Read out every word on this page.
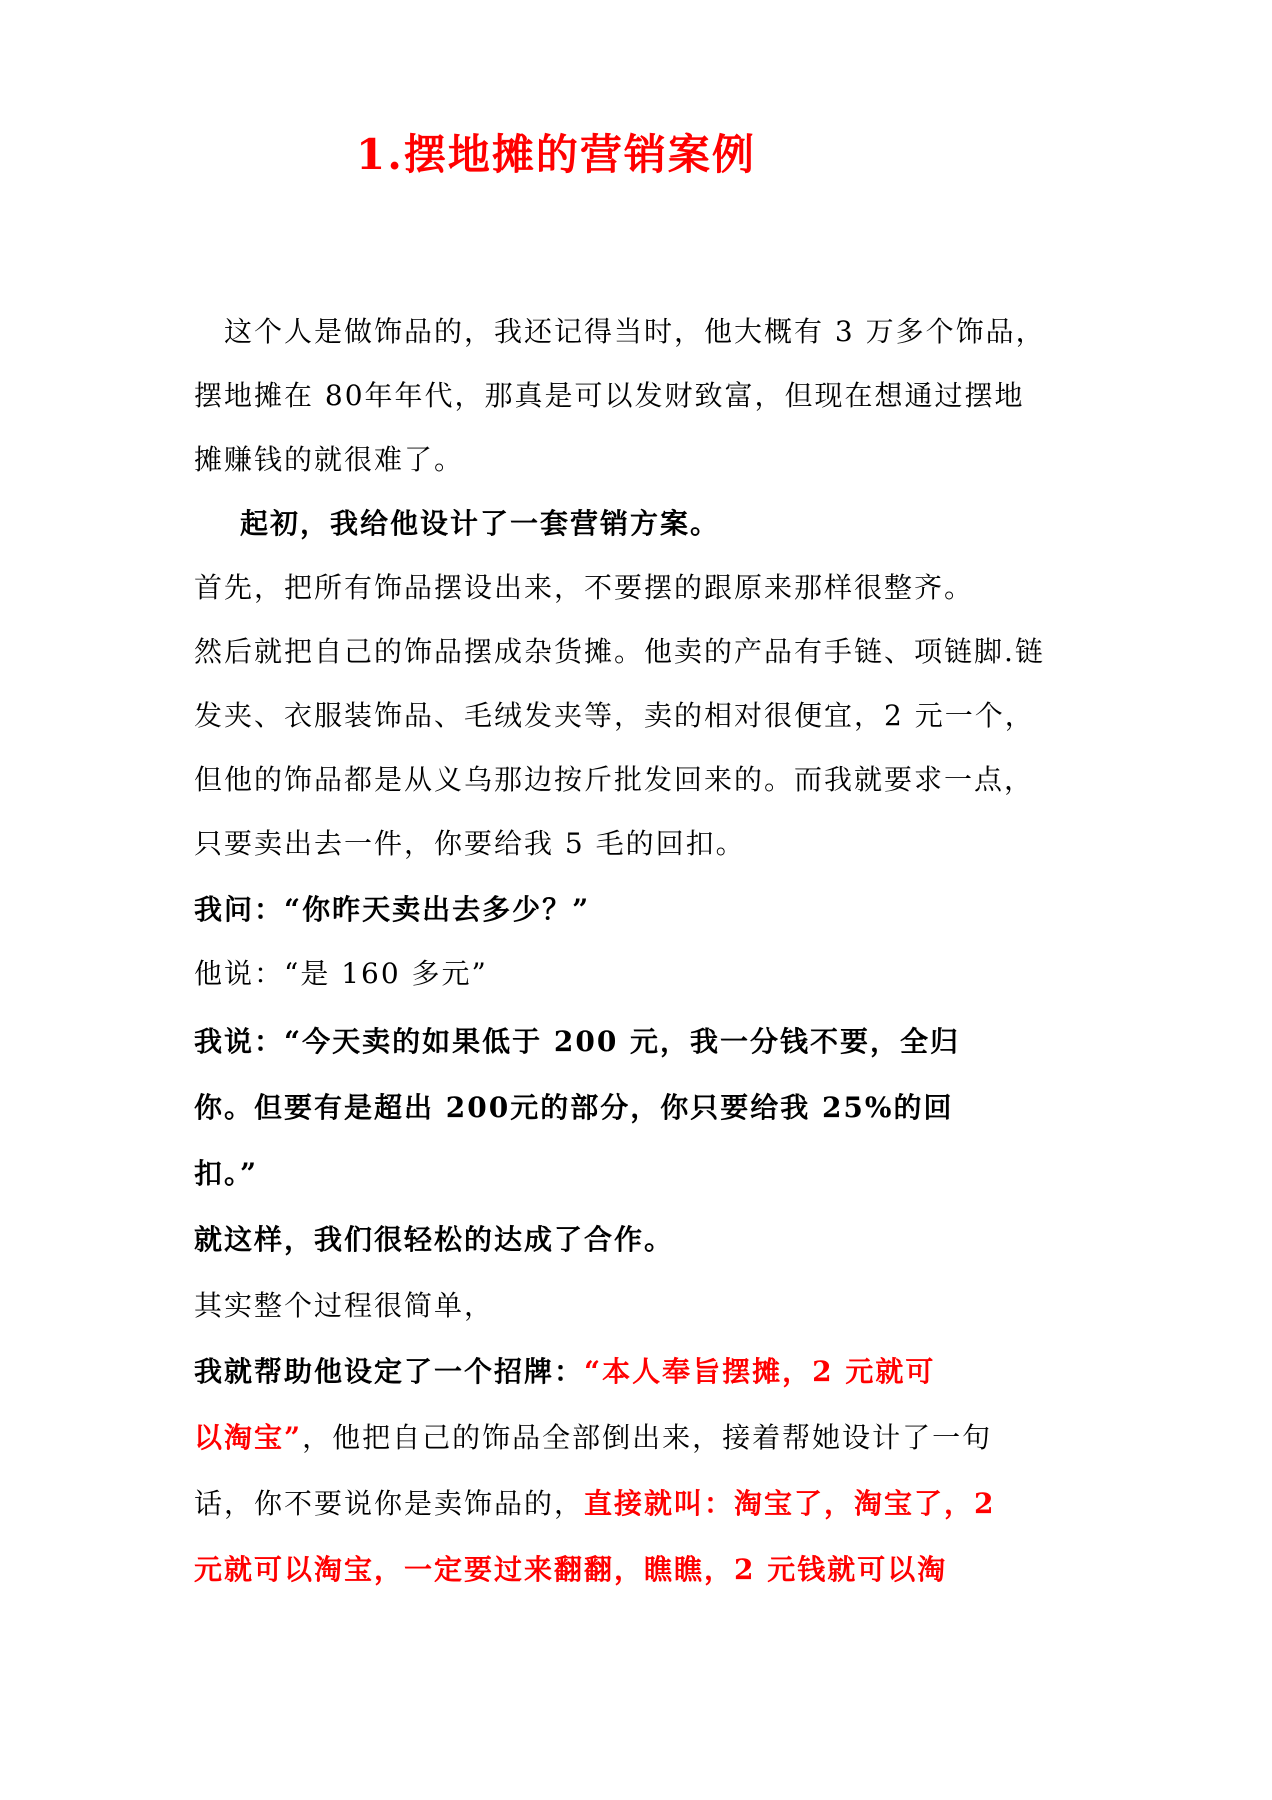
1.摆地摊的营销案例

这个人是做饰品的，我还记得当时，他大概有 3 万多个饰品，

摆地摊在 80年年代，那真是可以发财致富，但现在想通过摆地

摊赚钱的就很难了。

起初，我给他设计了一套营销方案。

首先，把所有饰品摆设出来，不要摆的跟原来那样很整齐。

然后就把自己的饰品摆成杂货摊。他卖的产品有手链、项链脚.链

发夹、衣服装饰品、毛绒发夹等，卖的相对很便宜，2 元一个，

但他的饰品都是从义乌那边按斤批发回来的。而我就要求一点，

只要卖出去一件，你要给我 5 毛的回扣。

我问：“你昨天卖出去多少？”

他说：“是 160 多元”

我说：“今天卖的如果低于 200 元，我一分钱不要，全归

你。但要有是超出 200元的部分，你只要给我 25%的回

扣。”

就这样，我们很轻松的达成了合作。

其实整个过程很简单，

我就帮助他设定了一个招牌：“本人奉旨摆摊，2 元就可

以淘宝”，他把自己的饰品全部倒出来，接着帮她设计了一句

话，你不要说你是卖饰品的，直接就叫：淘宝了，淘宝了，2

元就可以淘宝，一定要过来翻翻，瞧瞧，2 元钱就可以淘
